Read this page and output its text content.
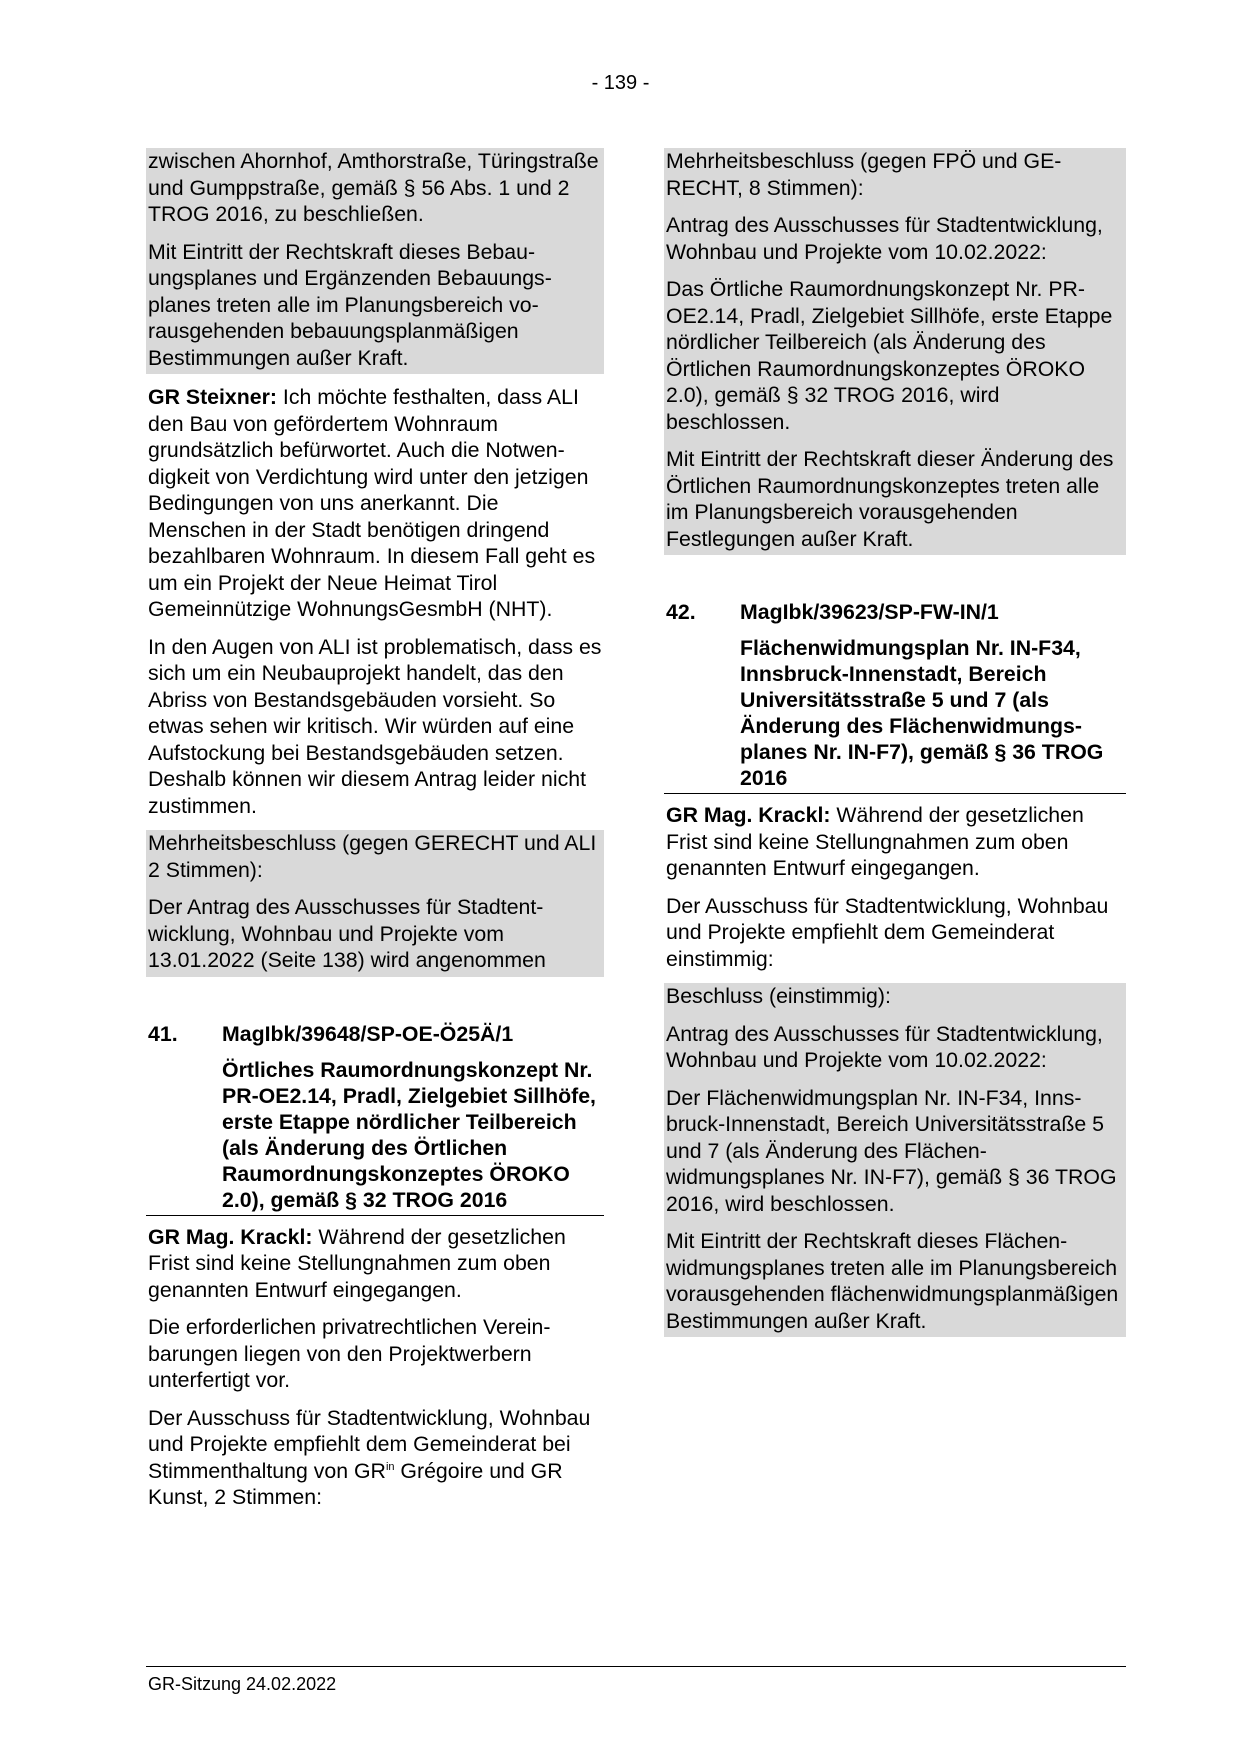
- 139 -

zwischen Ahornhof, Amthorstraße, Türingstraße und Gumppstraße, gemäß § 56 Abs. 1 und 2 TROG 2016, zu beschließen.

Mit Eintritt der Rechtskraft dieses Bebauungsplanes und Ergänzenden Bebauungsplanes treten alle im Planungsbereich vorausgehenden bebauungsplanmäßigen Bestimmungen außer Kraft.

GR Steixner: Ich möchte festhalten, dass ALI den Bau von gefördertem Wohnraum grundsätzlich befürwortet. Auch die Notwendigkeit von Verdichtung wird unter den jetzigen Bedingungen von uns anerkannt. Die Menschen in der Stadt benötigen dringend bezahlbaren Wohnraum. In diesem Fall geht es um ein Projekt der Neue Heimat Tirol Gemeinnützige WohnungsGesmbH (NHT).

In den Augen von ALI ist problematisch, dass es sich um ein Neubauprojekt handelt, das den Abriss von Bestandsgebäuden vorsieht. So etwas sehen wir kritisch. Wir würden auf eine Aufstockung bei Bestandsgebäuden setzen. Deshalb können wir diesem Antrag leider nicht zustimmen.

Mehrheitsbeschluss (gegen GERECHT und ALI 2 Stimmen):

Der Antrag des Ausschusses für Stadtentwicklung, Wohnbau und Projekte vom 13.01.2022 (Seite 138) wird angenommen

41.	MagIbk/39648/SP-OE-Ö25Ä/1
Örtliches Raumordnungskonzept Nr. PR-OE2.14, Pradl, Zielgebiet Sillhöfe, erste Etappe nördlicher Teilbereich (als Änderung des Örtlichen Raumordnungskonzeptes ÖROKO 2.0), gemäß § 32 TROG 2016

GR Mag. Krackl: Während der gesetzlichen Frist sind keine Stellungnahmen zum oben genannten Entwurf eingegangen.

Die erforderlichen privatrechtlichen Vereinbarungen liegen von den Projektwerbern unterfertigt vor.

Der Ausschuss für Stadtentwicklung, Wohnbau und Projekte empfiehlt dem Gemeinderat bei Stimmenthaltung von $GR^{in}$ Grégoire und GR Kunst, 2 Stimmen:

Mehrheitsbeschluss (gegen FPÖ und GERECHT, 8 Stimmen):

Antrag des Ausschusses für Stadtentwicklung, Wohnbau und Projekte vom 10.02.2022:

Das Örtliche Raumordnungskonzept Nr. PR-OE2.14, Pradl, Zielgebiet Sillhöfe, erste Etappe nördlicher Teilbereich (als Änderung des Örtlichen Raumordnungskonzeptes ÖROKO 2.0), gemäß § 32 TROG 2016, wird beschlossen.

Mit Eintritt der Rechtskraft dieser Änderung des Örtlichen Raumordnungskonzeptes treten alle im Planungsbereich vorausgehenden Festlegungen außer Kraft.

42.	MagIbk/39623/SP-FW-IN/1
Flächenwidmungsplan Nr. IN-F34, Innsbruck-Innenstadt, Bereich Universitätsstraße 5 und 7 (als Änderung des Flächenwidmungsplanes Nr. IN-F7), gemäß § 36 TROG 2016

GR Mag. Krackl: Während der gesetzlichen Frist sind keine Stellungnahmen zum oben genannten Entwurf eingegangen.

Der Ausschuss für Stadtentwicklung, Wohnbau und Projekte empfiehlt dem Gemeinderat einstimmig:

Beschluss (einstimmig):

Antrag des Ausschusses für Stadtentwicklung, Wohnbau und Projekte vom 10.02.2022:

Der Flächenwidmungsplan Nr. IN-F34, Innsbruck-Innenstadt, Bereich Universitätsstraße 5 und 7 (als Änderung des Flächenwidmungsplanes Nr. IN-F7), gemäß § 36 TROG 2016, wird beschlossen.

Mit Eintritt der Rechtskraft dieses Flächenwidmungsplanes treten alle im Planungsbereich vorausgehenden flächenwidmungsplanmäßigen Bestimmungen außer Kraft.

GR-Sitzung 24.02.2022
